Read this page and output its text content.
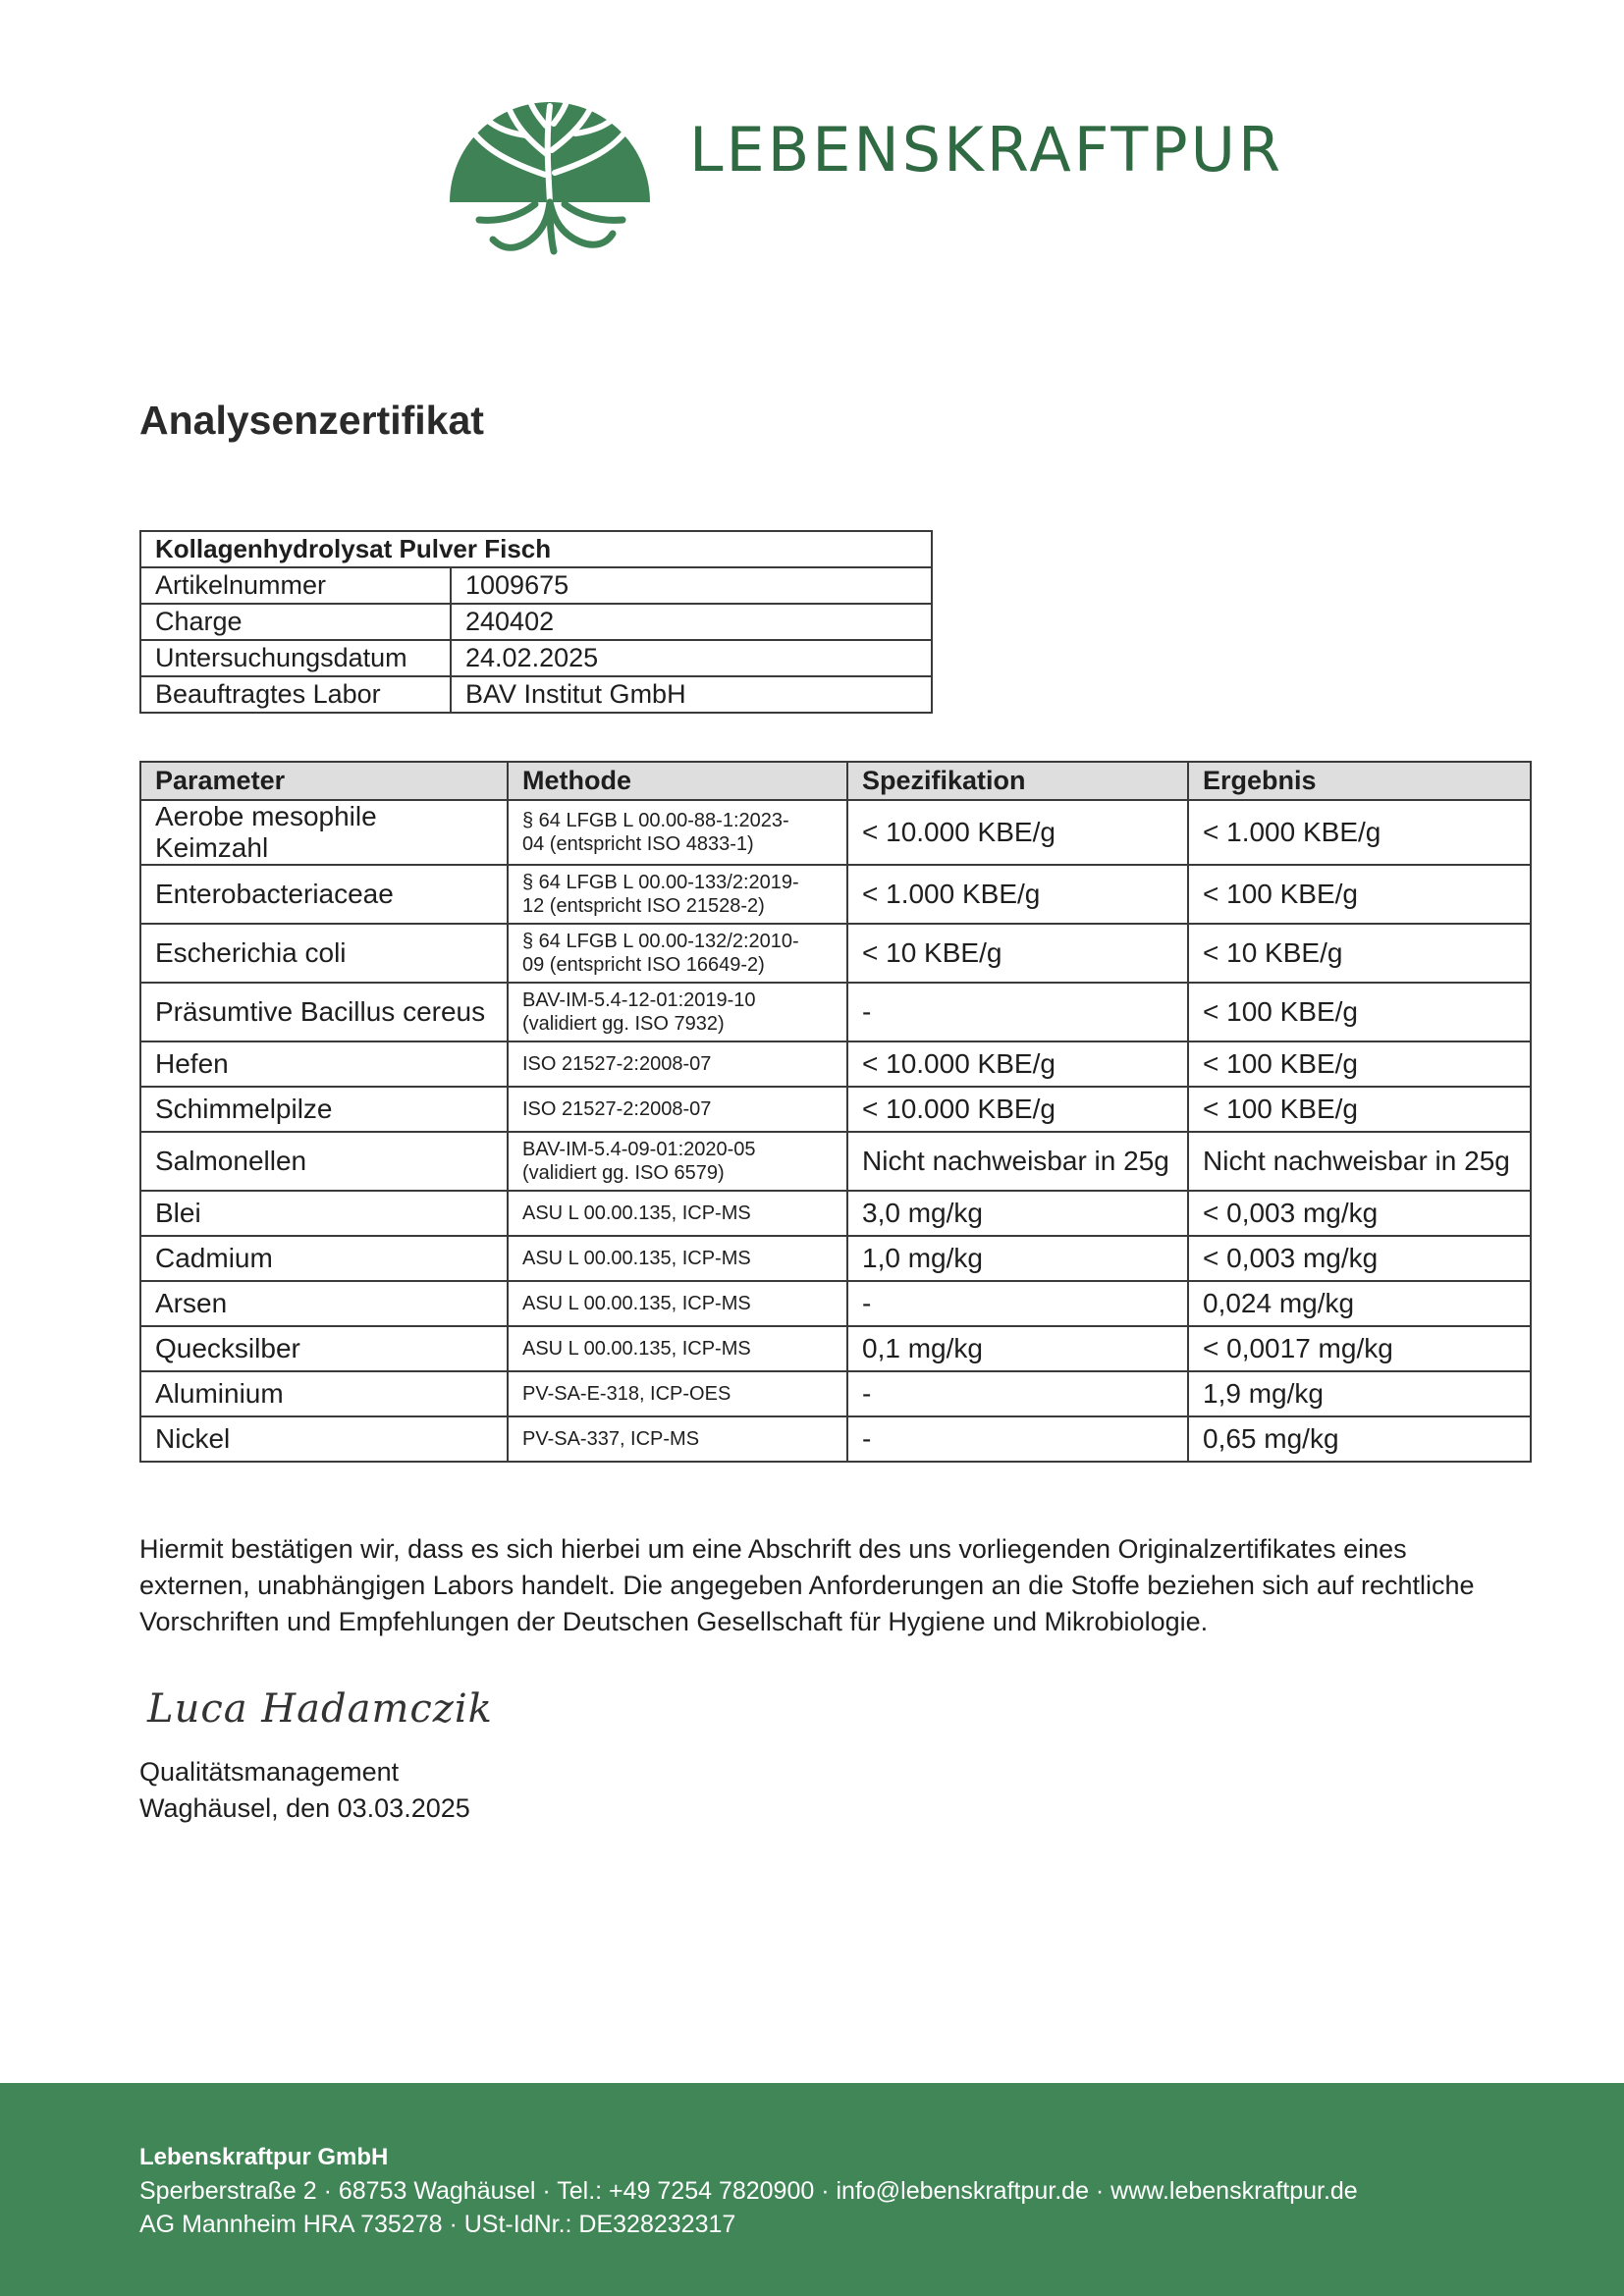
LEBENSKRAFTPUR
Analysenzertifikat
Kollagenhydrolysat Pulver Fisch	
Artikelnummer	1009675
Charge	240402
Untersuchungsdatum	24.02.2025
Beauftragtes Labor	BAV Institut GmbH
Parameter	Methode	Spezifikation	Ergebnis
Aerobe mesophile Keimzahl	§ 64 LFGB L 00.00-88-1:2023-
04 (entspricht ISO 4833-1)	< 10.000 KBE/g	< 1.000 KBE/g
Enterobacteriaceae	§ 64 LFGB L 00.00-133/2:2019-
12 (entspricht ISO 21528-2)	< 1.000 KBE/g	< 100 KBE/g
Escherichia coli	§ 64 LFGB L 00.00-132/2:2010-
09 (entspricht ISO 16649-2)	< 10 KBE/g	< 10 KBE/g
Präsumtive Bacillus cereus	BAV-IM-5.4-12-01:2019-10
(validiert gg. ISO 7932)	-	< 100 KBE/g
Hefen	ISO 21527-2:2008-07	< 10.000 KBE/g	< 100 KBE/g
Schimmelpilze	ISO 21527-2:2008-07	< 10.000 KBE/g	< 100 KBE/g
Salmonellen	BAV-IM-5.4-09-01:2020-05
(validiert gg. ISO 6579)	Nicht nachweisbar in 25g	Nicht nachweisbar in 25g
Blei	ASU L 00.00.135, ICP-MS	3,0 mg/kg	< 0,003 mg/kg
Cadmium	ASU L 00.00.135, ICP-MS	1,0 mg/kg	< 0,003 mg/kg
Arsen	ASU L 00.00.135, ICP-MS	-	0,024 mg/kg
Quecksilber	ASU L 00.00.135, ICP-MS	0,1 mg/kg	< 0,0017 mg/kg
Aluminium	PV-SA-E-318, ICP-OES	-	1,9 mg/kg
Nickel	PV-SA-337, ICP-MS	-	0,65 mg/kg

Hiermit bestätigen wir, dass es sich hierbei um eine Abschrift des uns vorliegenden Originalzertifikates eines
externen, unabhängigen Labors handelt. Die angegeben Anforderungen an die Stoffe beziehen sich auf rechtliche
Vorschriften und Empfehlungen der Deutschen Gesellschaft für Hygiene und Mikrobiologie.

Luca Hadamczik
Qualitätsmanagement
Waghäusel, den 03.03.2025
Lebenskraftpur GmbH
Sperberstraße 2 · 68753 Waghäusel · Tel.: +49 7254 7820900 · info@lebenskraftpur.de · www.lebenskraftpur.de
AG Mannheim HRA 735278 · USt-IdNr.: DE328232317
